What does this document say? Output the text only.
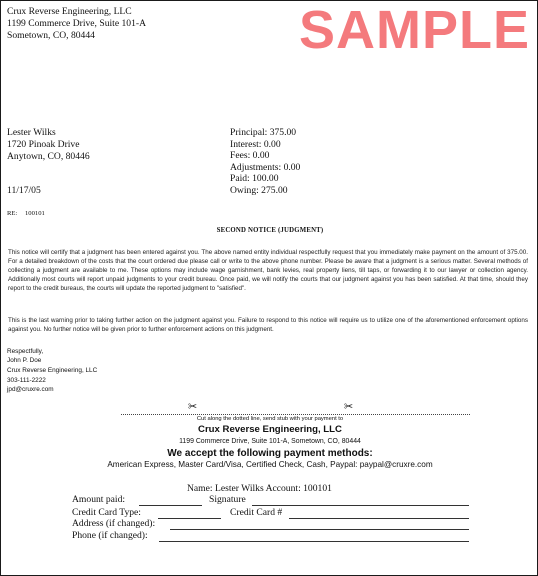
Crux Reverse Engineering, LLC
1199 Commerce Drive, Suite 101-A
Sometown, CO, 80444	SAMPLE
Lester Wilks
1720 Pinoak Drive
Anytown, CO, 80446
11/17/05
Principal: 375.00
Interest: 0.00
Fees: 0.00
Adjustments: 0.00
Paid: 100.00
Owing: 275.00
RE: 100101
SECOND NOTICE (JUDGMENT)

This notice will certify that a judgment has been entered against you. The above named entity individual respectfully request that you immediately make payment on the amount of 375.00. For a detailed breakdown of the costs that the court ordered due please call or write to the above phone number. Please be aware that a judgment is a serious matter. Several methods of collecting a judgment are available to me. These options may include wage garnishment, bank levies, real property liens, till taps, or forwarding it to our lawyer or collection agency. Additionally most courts will report unpaid judgments to your credit bureau. Once paid, we will notify the courts that our judgment against you has been satisfied. At that time, should they report to the credit bureaus, the courts will update the reported judgment to "satisfied".

This is the last warning prior to taking further action on the judgment against you. Failure to respond to this notice will require us to utilize one of the aforementioned enforcement options against you. No further notice will be given prior to further enforcement actions on this judgment.

Respectfully,
John P. Doe
Crux Reverse Engineering, LLC
303-111-2222
jpd@cruxre.com
✂	✂
Cut along the dotted line, send stub with your payment to
Crux Reverse Engineering, LLC
1199 Commerce Drive, Suite 101-A, Sometown, CO, 80444
We accept the following payment methods:
American Express, Master Card/Visa, Certified Check, Cash, Paypal: paypal@cruxre.com
Name: Lester Wilks Account: 100101
Amount paid:	Signature
Credit Card Type:	Credit Card #
Address (if changed):
Phone (if changed):
